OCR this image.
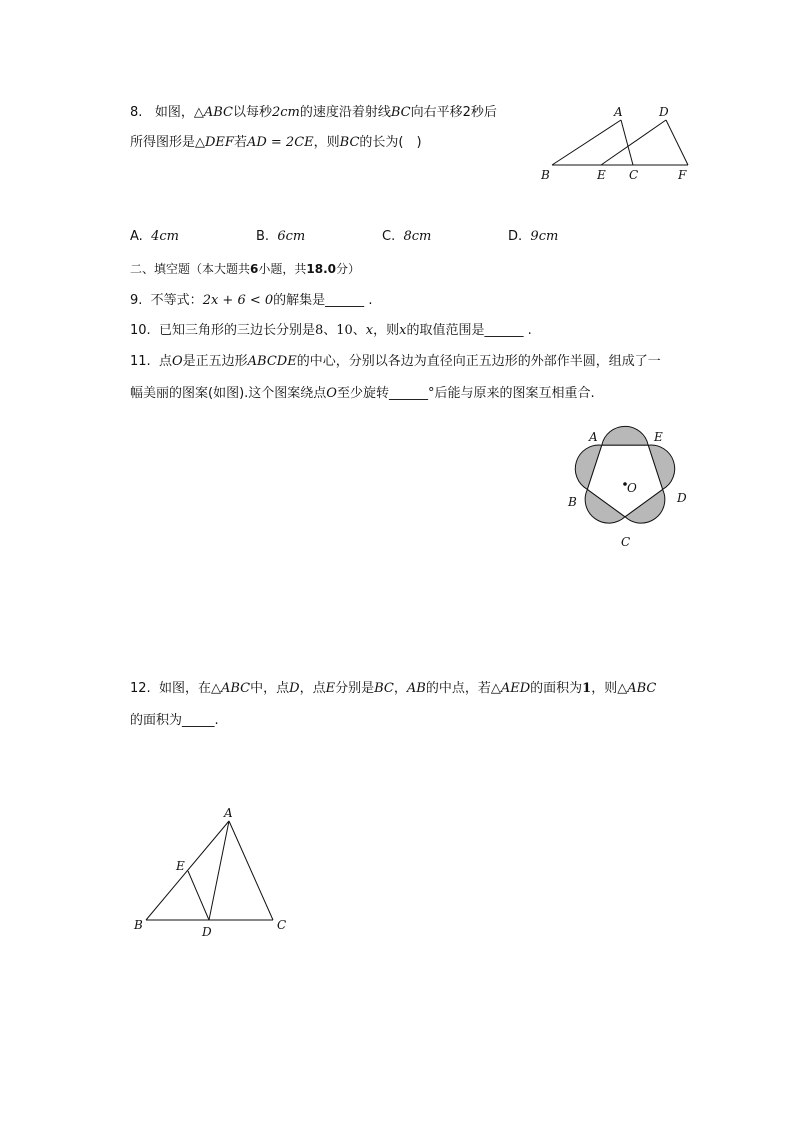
8. 如图，△ABC以每秒2cm的速度沿着射线BC向右平移2秒后
所得图形是△DEF若AD = 2CE，则BC的长为(　)
A	D
B	E C	F
A. 4cm	B. 6cm	C. 8cm	D. 9cm
二、填空题（本大题共6小题，共18.0分）
9. 不等式：2x + 6 < 0的解集是______ .
10. 已知三角形的三边长分别是8、10、x，则x的取值范围是______ .
11. 点O是正五边形ABCDE的中心，分别以各边为直径向正五边形的外部作半圆，组成了一
幅美丽的图案(如图).这个图案绕点O至少旋转______°后能与原来的图案互相重合.
A	E
O
B	D
C
12. 如图，在△ABC中，点D，点E分别是BC，AB的中点，若△AED的面积为1，则△ABC
的面积为_____.
A
E
B	D	C
